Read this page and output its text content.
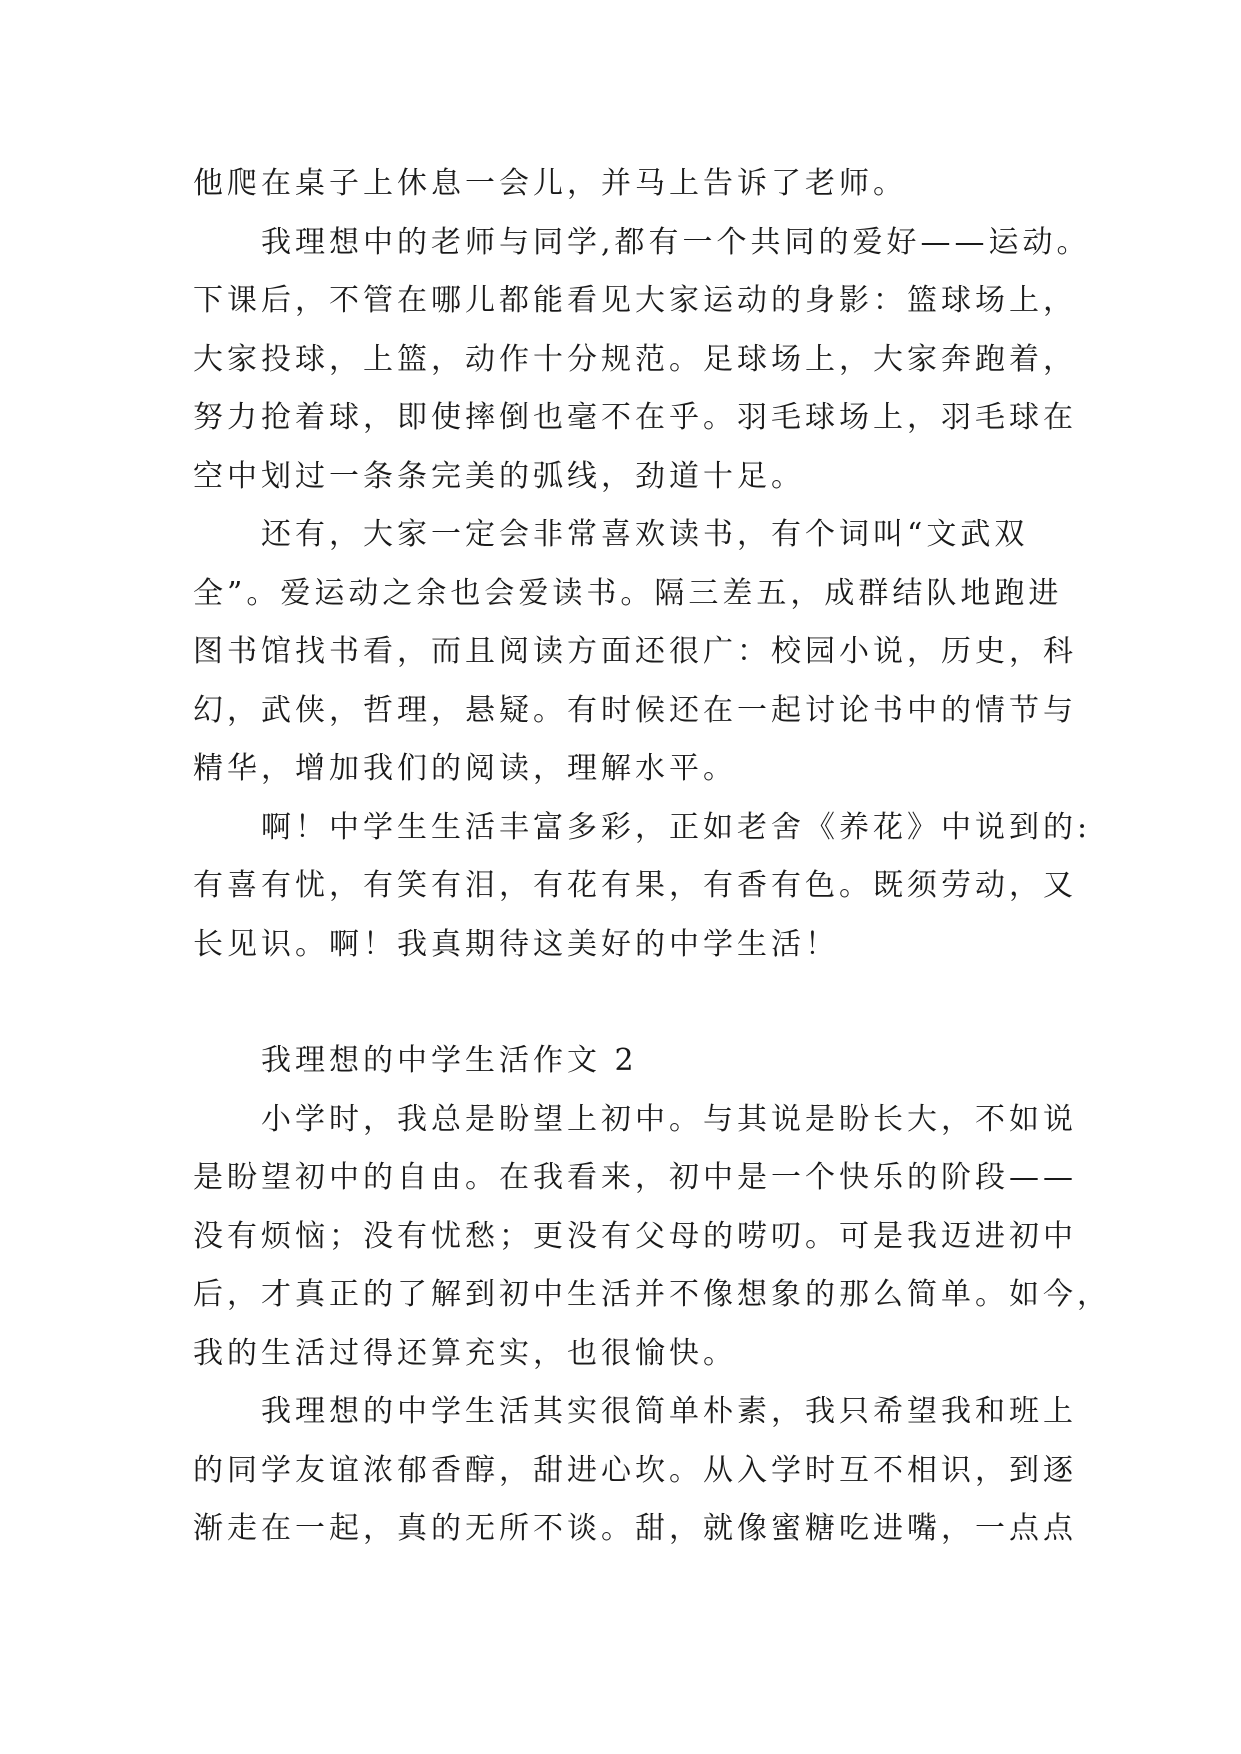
他爬在桌子上休息一会儿，并马上告诉了老师。
我理想中的老师与同学,都有一个共同的爱好——运动。
下课后，不管在哪儿都能看见大家运动的身影：篮球场上，
大家投球，上篮，动作十分规范。足球场上，大家奔跑着，
努力抢着球，即使摔倒也毫不在乎。羽毛球场上，羽毛球在
空中划过一条条完美的弧线，劲道十足。
还有，大家一定会非常喜欢读书，有个词叫“文武双
全”。爱运动之余也会爱读书。隔三差五，成群结队地跑进
图书馆找书看，而且阅读方面还很广：校园小说，历史，科
幻，武侠，哲理，悬疑。有时候还在一起讨论书中的情节与
精华，增加我们的阅读，理解水平。
啊！中学生生活丰富多彩，正如老舍《养花》中说到的:
有喜有忧，有笑有泪，有花有果，有香有色。既须劳动，又
长见识。啊！我真期待这美好的中学生活！
我理想的中学生活作文 2
小学时，我总是盼望上初中。与其说是盼长大，不如说
是盼望初中的自由。在我看来，初中是一个快乐的阶段——
没有烦恼；没有忧愁；更没有父母的唠叨。可是我迈进初中
后，才真正的了解到初中生活并不像想象的那么简单。如今，
我的生活过得还算充实，也很愉快。
我理想的中学生活其实很简单朴素，我只希望我和班上
的同学友谊浓郁香醇，甜进心坎。从入学时互不相识，到逐
渐走在一起，真的无所不谈。甜，就像蜜糖吃进嘴，一点点
